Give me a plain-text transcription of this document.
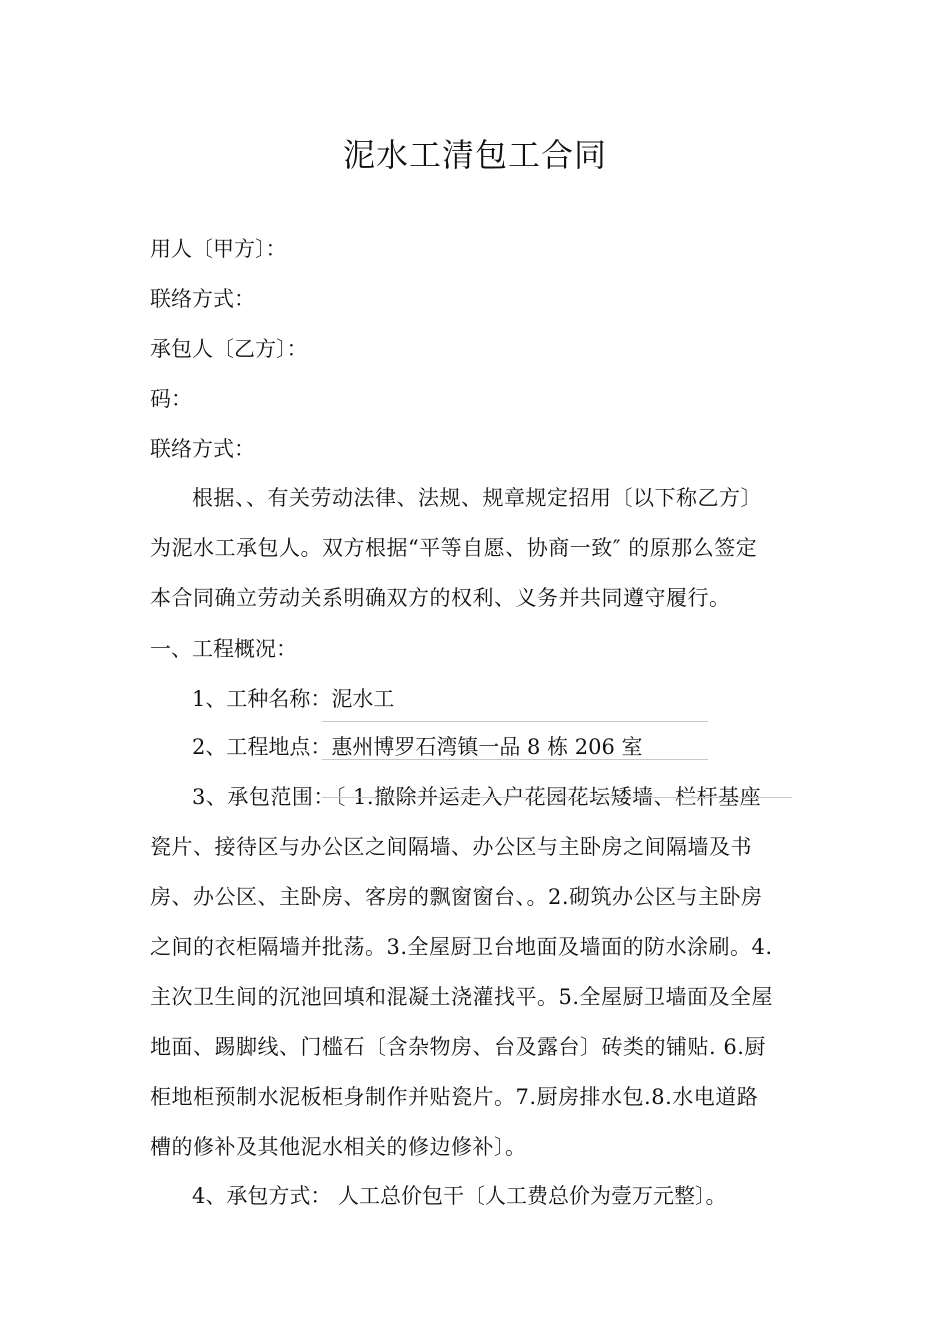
泥水工清包工合同
用人〔甲方〕：
联络方式：
承包人〔乙方〕：
码：
联络方式：
根据、、有关劳动法律、法规、规章规定招用〔以下称乙方〕
为泥水工承包人。双方根据“平等自愿、协商一致″ 的原那么签定
本合同确立劳动关系明确双方的权利、义务并共同遵守履行。
一、工程概况：
1、工种名称：泥水工
2、工程地点：惠州博罗石湾镇一品 8 栋 206 室
3、承包范围：〔 1.撤除并运走入户花园花坛矮墙、栏杆基座
瓷片、接待区与办公区之间隔墙、办公区与主卧房之间隔墙及书
房、办公区、主卧房、客房的飘窗窗台、。2.砌筑办公区与主卧房
之间的衣柜隔墙并批荡。3.全屋厨卫台地面及墙面的防水涂刷。4.
主次卫生间的沉池回填和混凝土浇灌找平。5.全屋厨卫墙面及全屋
地面、踢脚线、门槛石〔含杂物房、台及露台〕砖类的铺贴. 6.厨
柜地柜预制水泥板柜身制作并贴瓷片。7.厨房排水包.8.水电道路
槽的修补及其他泥水相关的修边修补〕。
4、承包方式： 人工总价包干〔人工费总价为壹万元整〕。
